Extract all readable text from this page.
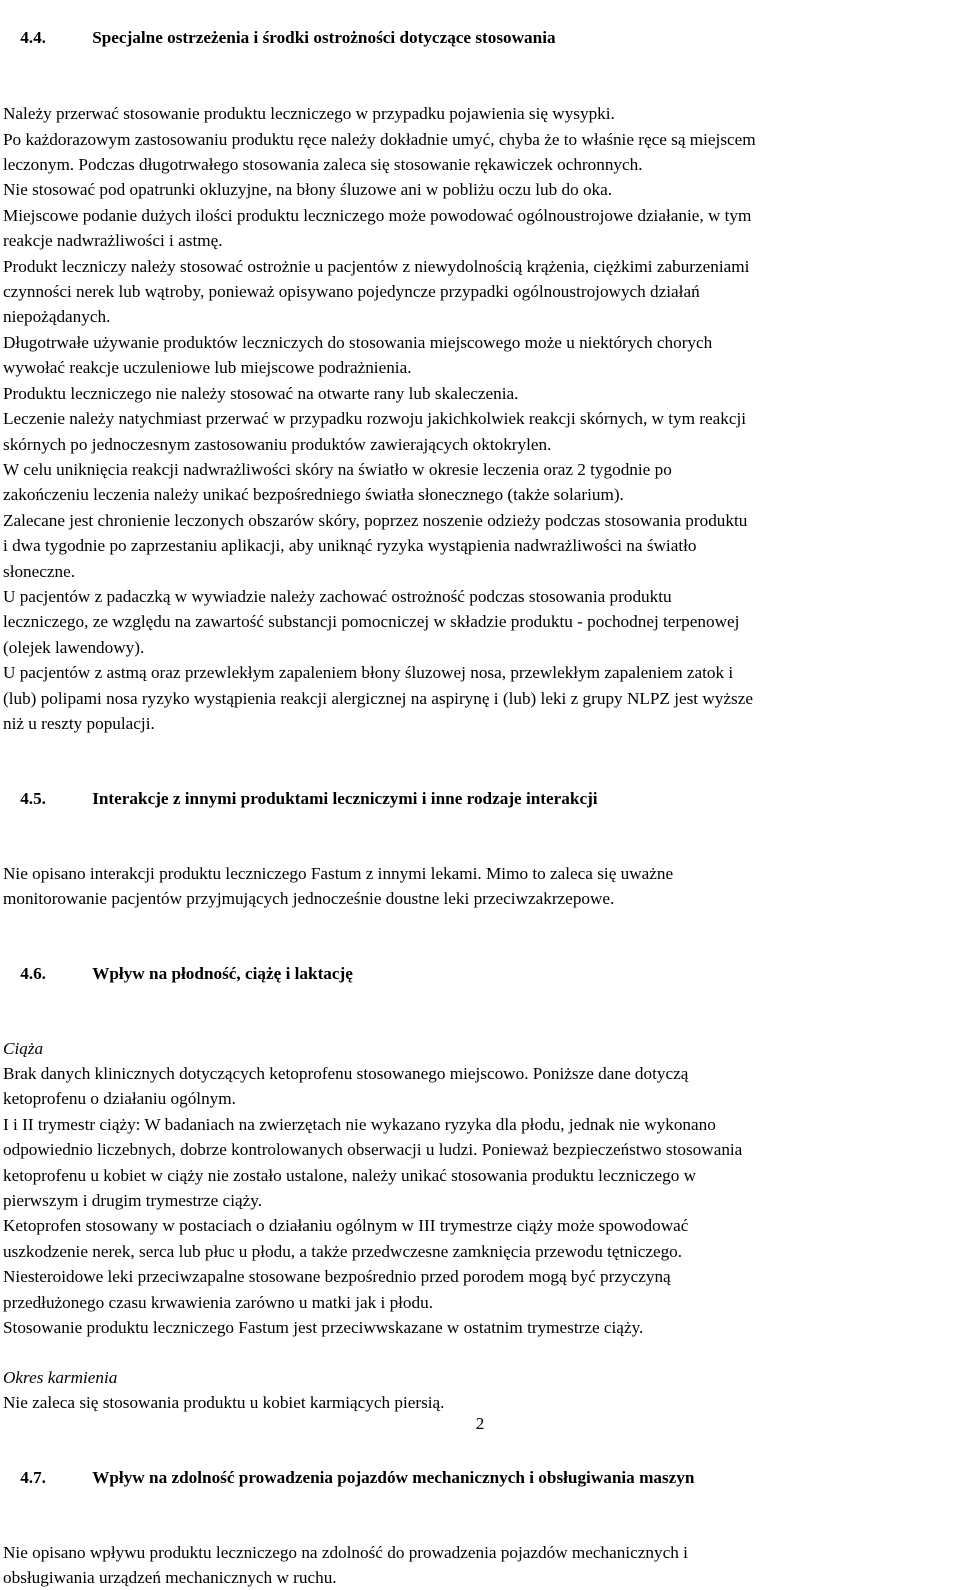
4.4.	Specjalne ostrzeżenia i środki ostrożności dotyczące stosowania

Należy przerwać stosowanie produktu leczniczego w przypadku pojawienia się wysypki.
Po każdorazowym zastosowaniu produktu ręce należy dokładnie umyć, chyba że to właśnie ręce są miejscem
leczonym. Podczas długotrwałego stosowania zaleca się stosowanie rękawiczek ochronnych.
Nie stosować pod opatrunki okluzyjne, na błony śluzowe ani w pobliżu oczu lub do oka.
Miejscowe podanie dużych ilości produktu leczniczego może powodować ogólnoustrojowe działanie, w tym
reakcje nadwrażliwości i astmę.
Produkt leczniczy należy stosować ostrożnie u pacjentów z niewydolnością krążenia, ciężkimi zaburzeniami
czynności nerek lub wątroby, ponieważ opisywano pojedyncze przypadki ogólnoustrojowych działań
niepożądanych.
Długotrwałe używanie produktów leczniczych do stosowania miejscowego może u niektórych chorych
wywołać reakcje uczuleniowe lub miejscowe podrażnienia.
Produktu leczniczego nie należy stosować na otwarte rany lub skaleczenia.
Leczenie należy natychmiast przerwać w przypadku rozwoju jakichkolwiek reakcji skórnych, w tym reakcji
skórnych po jednoczesnym zastosowaniu produktów zawierających oktokrylen.
W celu uniknięcia reakcji nadwrażliwości skóry na światło w okresie leczenia oraz 2 tygodnie po
zakończeniu leczenia należy unikać bezpośredniego światła słonecznego (także solarium).
Zalecane jest chronienie leczonych obszarów skóry, poprzez noszenie odzieży podczas stosowania produktu
i dwa tygodnie po zaprzestaniu aplikacji, aby uniknąć ryzyka wystąpienia nadwrażliwości na światło
słoneczne.
U pacjentów z padaczką w wywiadzie należy zachować ostrożność podczas stosowania produktu
leczniczego, ze względu na zawartość substancji pomocniczej w składzie produktu - pochodnej terpenowej
(olejek lawendowy).
U pacjentów z astmą oraz przewlekłym zapaleniem błony śluzowej nosa, przewlekłym zapaleniem zatok i
(lub) polipami nosa ryzyko wystąpienia reakcji alergicznej na aspirynę i (lub) leki z grupy NLPZ jest wyższe
niż u reszty populacji.

4.5.	Interakcje z innymi produktami leczniczymi i inne rodzaje interakcji

Nie opisano interakcji produktu leczniczego Fastum z innymi lekami. Mimo to zaleca się uważne
monitorowanie pacjentów przyjmujących jednocześnie doustne leki przeciwzakrzepowe.

4.6.	Wpływ na płodność, ciążę i laktację

Ciąża
Brak danych klinicznych dotyczących ketoprofenu stosowanego miejscowo. Poniższe dane dotyczą
ketoprofenu o działaniu ogólnym.
I i II trymestr ciąży: W badaniach na zwierzętach nie wykazano ryzyka dla płodu, jednak nie wykonano
odpowiednio liczebnych, dobrze kontrolowanych obserwacji u ludzi. Ponieważ bezpieczeństwo stosowania
ketoprofenu u kobiet w ciąży nie zostało ustalone, należy unikać stosowania produktu leczniczego w
pierwszym i drugim trymestrze ciąży.
Ketoprofen stosowany w postaciach o działaniu ogólnym w III trymestrze ciąży może spowodować
uszkodzenie nerek, serca lub płuc u płodu, a także przedwczesne zamknięcia przewodu tętniczego.
Niesteroidowe leki przeciwzapalne stosowane bezpośrednio przed porodem mogą być przyczyną
przedłużonego czasu krwawienia zarówno u matki jak i płodu.
Stosowanie produktu leczniczego Fastum jest przeciwwskazane w ostatnim trymestrze ciąży.
Okres karmienia
Nie zaleca się stosowania produktu u kobiet karmiących piersią.

4.7.	Wpływ na zdolność prowadzenia pojazdów mechanicznych i obsługiwania maszyn

Nie opisano wpływu produktu leczniczego na zdolność do prowadzenia pojazdów mechanicznych i
obsługiwania urządzeń mechanicznych w ruchu.
2
